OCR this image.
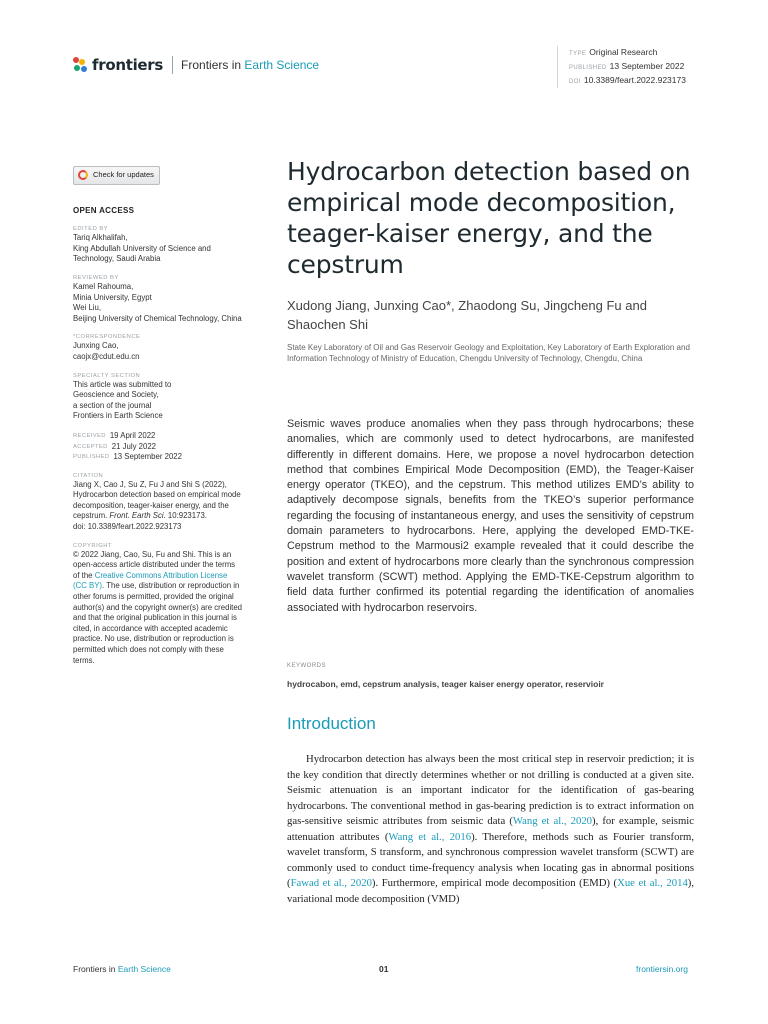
frontiers Frontiers in Earth Science
TYPE Original Research
PUBLISHED 13 September 2022
DOI 10.3389/feart.2022.923173
Check for updates
OPEN ACCESS
EDITED BY
Tariq Alkhalifah,
King Abdullah University of Science and Technology, Saudi Arabia
REVIEWED BY
Kamel Rahouma,
Minia University, Egypt
Wei Liu,
Beijing University of Chemical Technology, China
*CORRESPONDENCE
Junxing Cao,
caojx@cdut.edu.cn
SPECIALTY SECTION
This article was submitted to
Geoscience and Society,
a section of the journal
Frontiers in Earth Science
RECEIVED 19 April 2022
ACCEPTED 21 July 2022
PUBLISHED 13 September 2022
CITATION
Jiang X, Cao J, Su Z, Fu J and Shi S (2022), Hydrocarbon detection based on empirical mode decomposition, teager-kaiser energy, and the cepstrum. Front. Earth Sci. 10:923173.
doi: 10.3389/feart.2022.923173
COPYRIGHT
© 2022 Jiang, Cao, Su, Fu and Shi. This is an open-access article distributed under the terms of the Creative Commons Attribution License (CC BY). The use, distribution or reproduction in other forums is permitted, provided the original author(s) and the copyright owner(s) are credited and that the original publication in this journal is cited, in accordance with accepted academic practice. No use, distribution or reproduction is permitted which does not comply with these terms.
Hydrocarbon detection based on empirical mode decomposition, teager-kaiser energy, and the cepstrum
Xudong Jiang, Junxing Cao*, Zhaodong Su, Jingcheng Fu and Shaochen Shi
State Key Laboratory of Oil and Gas Reservoir Geology and Exploitation, Key Laboratory of Earth Exploration and Information Technology of Ministry of Education, Chengdu University of Technology, Chengdu, China
Seismic waves produce anomalies when they pass through hydrocarbons; these anomalies, which are commonly used to detect hydrocarbons, are manifested differently in different domains. Here, we propose a novel hydrocarbon detection method that combines Empirical Mode Decomposition (EMD), the Teager-Kaiser energy operator (TKEO), and the cepstrum. This method utilizes EMD’s ability to adaptively decompose signals, benefits from the TKEO’s superior performance regarding the focusing of instantaneous energy, and uses the sensitivity of cepstrum domain parameters to hydrocarbons. Here, applying the developed EMD-TKE-Cepstrum method to the Marmousi2 example revealed that it could describe the position and extent of hydrocarbons more clearly than the synchronous compression wavelet transform (SCWT) method. Applying the EMD-TKE-Cepstrum algorithm to field data further confirmed its potential regarding the identification of anomalies associated with hydrocarbon reservoirs.
KEYWORDS
hydrocabon, emd, cepstrum analysis, teager kaiser energy operator, reservioir
Introduction
Hydrocarbon detection has always been the most critical step in reservoir prediction; it is the key condition that directly determines whether or not drilling is conducted at a given site. Seismic attenuation is an important indicator for the identification of gas-bearing hydrocarbons. The conventional method in gas-bearing prediction is to extract information on gas-sensitive seismic attributes from seismic data (Wang et al., 2020), for example, seismic attenuation attributes (Wang et al., 2016). Therefore, methods such as Fourier transform, wavelet transform, S transform, and synchronous compression wavelet transform (SCWT) are commonly used to conduct time-frequency analysis when locating gas in abnormal positions (Fawad et al., 2020). Furthermore, empirical mode decomposition (EMD) (Xue et al., 2014), variational mode decomposition (VMD)
Frontiers in Earth Science	01	frontiersin.org
